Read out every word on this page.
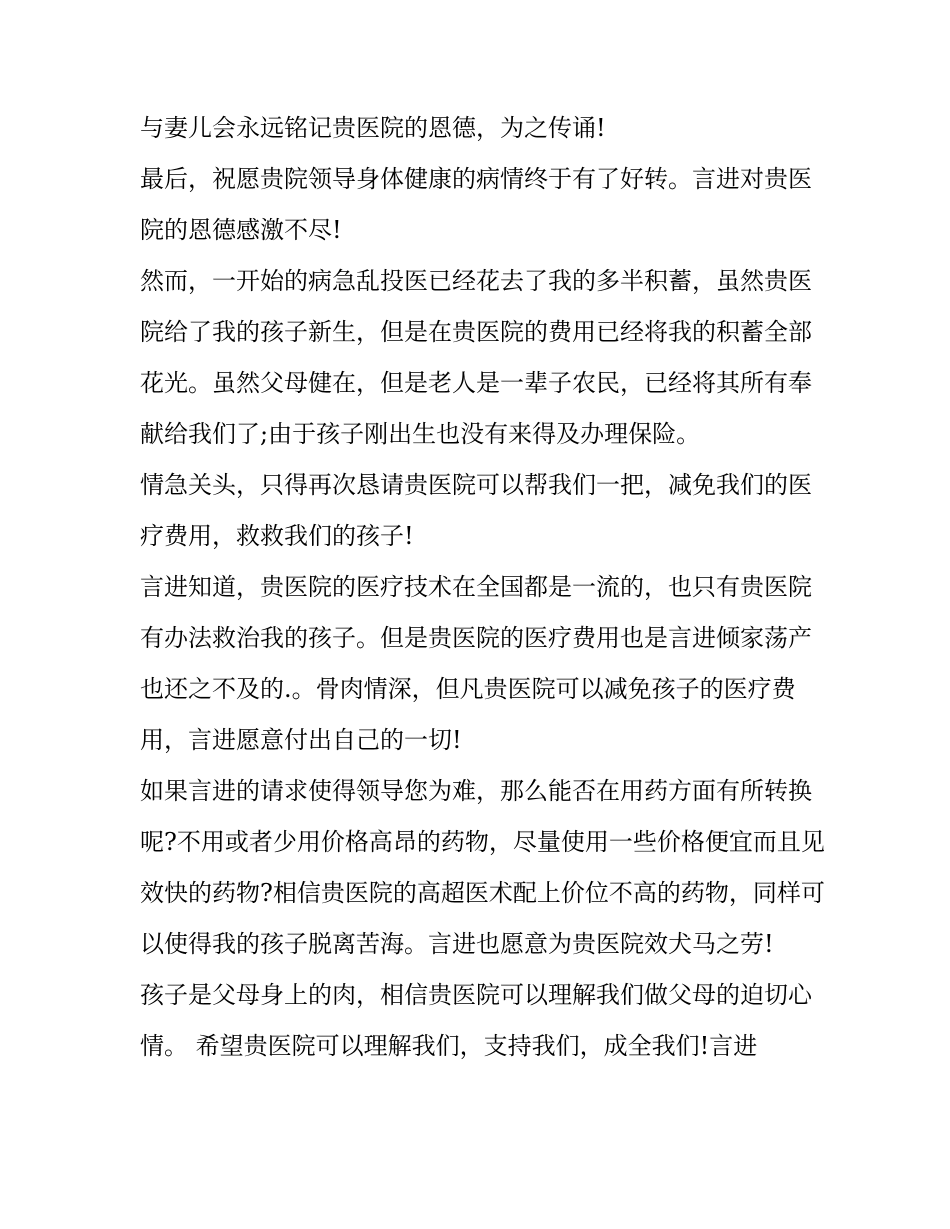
与妻儿会永远铭记贵医院的恩德，为之传诵!

最后，祝愿贵院领导身体健康的病情终于有了好转。言进对贵医院的恩德感激不尽!

然而，一开始的病急乱投医已经花去了我的多半积蓄，虽然贵医院给了我的孩子新生，但是在贵医院的费用已经将我的积蓄全部花光。虽然父母健在，但是老人是一辈子农民，已经将其所有奉献给我们了;由于孩子刚出生也没有来得及办理保险。

情急关头，只得再次恳请贵医院可以帮我们一把，减免我们的医疗费用，救救我们的孩子!

言进知道，贵医院的医疗技术在全国都是一流的，也只有贵医院有办法救治我的孩子。但是贵医院的医疗费用也是言进倾家荡产也还之不及的.。骨肉情深，但凡贵医院可以减免孩子的医疗费用，言进愿意付出自己的一切!

如果言进的请求使得领导您为难，那么能否在用药方面有所转换呢?不用或者少用价格高昂的药物，尽量使用一些价格便宜而且见效快的药物?相信贵医院的高超医术配上价位不高的药物，同样可以使得我的孩子脱离苦海。言进也愿意为贵医院效犬马之劳!

孩子是父母身上的肉，相信贵医院可以理解我们做父母的迫切心情。 希望贵医院可以理解我们，支持我们，成全我们!言进
